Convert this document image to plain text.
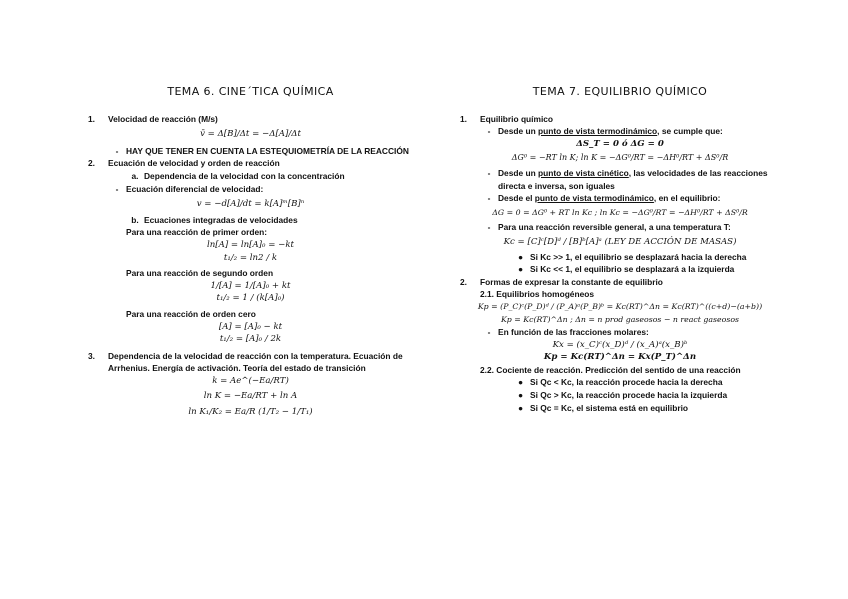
TEMA 6. CINE´TICA QUÍMICA
1. Velocidad de reacción (M/s)
v̄ = Δ[B]/Δt = −Δ[A]/Δt
- HAY QUE TENER EN CUENTA LA ESTEQUIOMETRÍA DE LA REACCIÓN
2. Ecuación de velocidad y orden de reacción
a. Dependencia de la velocidad con la concentración
- Ecuación diferencial de velocidad:
v = −d[A]/dt = k[A]ᵐ[B]ⁿ
b. Ecuaciones integradas de velocidades
Para una reacción de primer orden:
ln[A] = ln[A]₀ = −kt
t₁/₂ = ln2 / k
Para una reacción de segundo orden
1/[A] = 1/[A]₀ + kt
t₁/₂ = 1 / (k[A]₀)
Para una reacción de orden cero
[A] = [A]₀ − kt
t₁/₂ = [A]₀ / 2k
3.	Dependencia de la velocidad de reacción con la temperatura. Ecuación de Arrhenius. Energía de activación. Teoría del estado de transición
k = Ae^(−Ea/RT)
ln K = −Ea/RT + ln A
ln K₁/K₂ = Ea/R (1/T₂ − 1/T₁)
TEMA 7. EQUILIBRIO QUÍMICO
1. Equilibrio químico
- Desde un punto de vista termodinámico, se cumple que:
ΔS_T = 0 ó ΔG = 0
ΔG⁰ = −RT ln K; ln K = −ΔG⁰/RT = −ΔH⁰/RT + ΔS⁰/R
- Desde un punto de vista cinético, las velocidades de las reacciones directa e inversa, son iguales
- Desde el punto de vista termodinámico, en el equilibrio:
ΔG = 0 = ΔG⁰ + RT ln Kc ; ln Kc = −ΔG⁰/RT = −ΔH⁰/RT + ΔS⁰/R
- Para una reacción reversible general, a una temperatura T:
Kc = [C]ᶜ[D]ᵈ / [B]ᵇ[A]ᵃ (LEY DE ACCIÓN DE MASAS)
● Si Kc >> 1, el equilibrio se desplazará hacia la derecha
● Si Kc << 1, el equilibrio se desplazará a la izquierda
2. Formas de expresar la constante de equilibrio
2.1. Equilibrios homogéneos
Kp = (P_C)ᶜ(P_D)ᵈ / (P_A)ᵃ(P_B)ᵇ = Kc(RT)^Δn = Kc(RT)^((c+d)−(a+b))
Kp = Kc(RT)^Δn ; Δn = n prod gaseosos − n react gaseosos
- En función de las fracciones molares:
Kx = (x_C)ᶜ(x_D)ᵈ / (x_A)ᵃ(x_B)ᵇ
Kp = Kc(RT)^Δn = Kx(P_T)^Δn
2.2. Cociente de reacción. Predicción del sentido de una reacción
● Si Qc < Kc, la reacción procede hacia la derecha
● Si Qc > Kc, la reacción procede hacia la izquierda
● Si Qc = Kc, el sistema está en equilibrio
